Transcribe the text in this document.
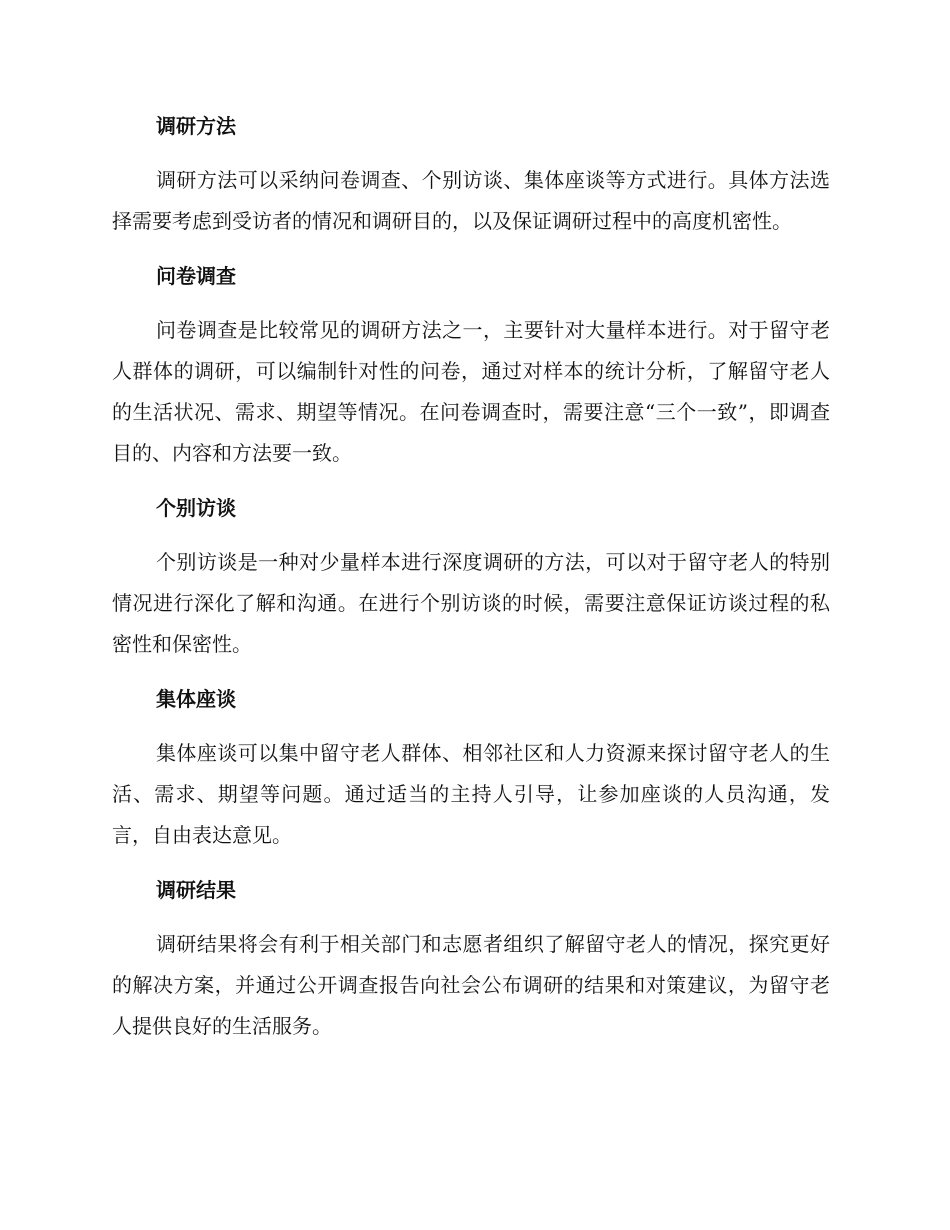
调研方法

调研方法可以采纳问卷调查、个别访谈、集体座谈等方式进行。具体方法选择需要考虑到受访者的情况和调研目的，以及保证调研过程中的高度机密性。

问卷调查

问卷调查是比较常见的调研方法之一，主要针对大量样本进行。对于留守老人群体的调研，可以编制针对性的问卷，通过对样本的统计分析，了解留守老人的生活状况、需求、期望等情况。在问卷调查时，需要注意“三个一致”，即调查目的、内容和方法要一致。

个别访谈

个别访谈是一种对少量样本进行深度调研的方法，可以对于留守老人的特别情况进行深化了解和沟通。在进行个别访谈的时候，需要注意保证访谈过程的私密性和保密性。

集体座谈

集体座谈可以集中留守老人群体、相邻社区和人力资源来探讨留守老人的生活、需求、期望等问题。通过适当的主持人引导，让参加座谈的人员沟通，发言，自由表达意见。

调研结果

调研结果将会有利于相关部门和志愿者组织了解留守老人的情况，探究更好的解决方案，并通过公开调查报告向社会公布调研的结果和对策建议，为留守老人提供良好的生活服务。
